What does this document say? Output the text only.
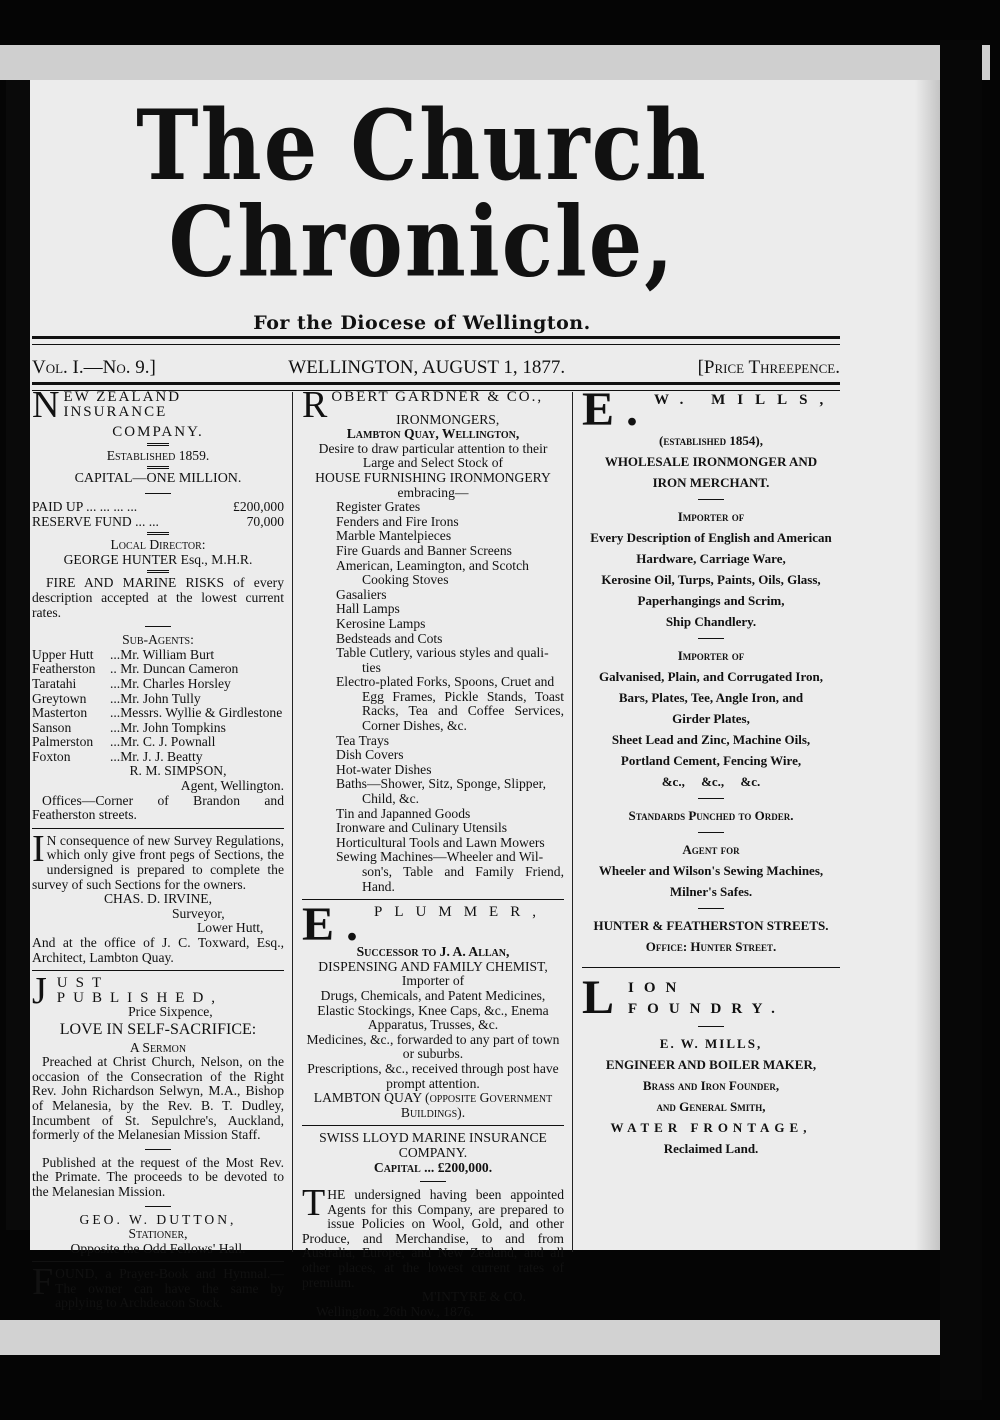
The Church Chronicle,
For the Diocese of Wellington.
Vol. I.—No. 9.]	WELLINGTON, AUGUST 1, 1877.	[Price Threepence.
NEW ZEALAND INSURANCE
COMPANY.
Established 1859.
CAPITAL—ONE MILLION.
PAID UP ... ... ... ...	£200,000
RESERVE FUND ... ...	70,000
Local Director:
GEORGE HUNTER Esq., M.H.R.
FIRE AND MARINE RISKS of every description accepted at the lowest current rates.
Sub-Agents:
Upper Hutt	...Mr. William Burt
Featherston	.. Mr. Duncan Cameron
Taratahi	...Mr. Charles Horsley
Greytown	...Mr. John Tully
Masterton	...Messrs. Wyllie & Girdlestone
Sanson	...Mr. John Tompkins
Palmerston	...Mr. C. J. Pownall
Foxton	...Mr. J. J. Beatty
R. M. SIMPSON,
Agent, Wellington.
Offices—Corner of Brandon and Featherston streets.
I N consequence of new Survey Regulations, which only give front pegs of Sections, the undersigned is prepared to complete the survey of such Sections for the owners.
CHAS. D. IRVINE,
Surveyor,
Lower Hutt,
And at the office of J. C. Toxward, Esq., Architect, Lambton Quay.
JUST PUBLISHED,
Price Sixpence,
LOVE IN SELF-SACRIFICE:
A Sermon
Preached at Christ Church, Nelson, on the occasion of the Consecration of the Right Rev. John Richardson Selwyn, M.A., Bishop of Melanesia, by the Rev. B. T. Dudley, Incumbent of St. Sepulchre's, Auckland, formerly of the Melanesian Mission Staff.
Published at the request of the Most Rev. the Primate. The proceeds to be devoted to the Melanesian Mission.
GEO. W. DUTTON,
Stationer,
Opposite the Odd Fellows' Hall.
FOUND, a Prayer-Book and Hymnal.—The owner can have the same by applying to Archdeacon Stock.
ROBERT GARDNER & CO.,
IRONMONGERS,
Lambton Quay, Wellington,
Desire to draw particular attention to their Large and Select Stock of
HOUSE FURNISHING IRONMONGERY
embracing—
Register Grates
Fenders and Fire Irons
Marble Mantelpieces
Fire Guards and Banner Screens
American, Leamington, and Scotch
Cooking Stoves
Gasaliers
Hall Lamps
Kerosine Lamps
Bedsteads and Cots
Table Cutlery, various styles and quali-
ties
Electro-plated Forks, Spoons, Cruet and
Egg Frames, Pickle Stands, Toast Racks, Tea and Coffee Services, Corner Dishes, &c.
Tea Trays
Dish Covers
Hot-water Dishes
Baths—Shower, Sitz, Sponge, Slipper,
Child, &c.
Tin and Japanned Goods
Ironware and Culinary Utensils
Horticultural Tools and Lawn Mowers
Sewing Machines—Wheeler and Wil-
son's, Table and Family Friend, Hand.
E. PLUMMER,
Successor to J. A. Allan,
DISPENSING AND FAMILY CHEMIST,
Importer of
Drugs, Chemicals, and Patent Medicines, Elastic Stockings, Knee Caps, &c., Enema Apparatus, Trusses, &c.
Medicines, &c., forwarded to any part of town or suburbs.
Prescriptions, &c., received through post have prompt attention.
LAMBTON QUAY (opposite Government Buildings).
SWISS LLOYD MARINE INSURANCE COMPANY.
Capital ... £200,000.
THE undersigned having been appointed Agents for this Company, are prepared to issue Policies on Wool, Gold, and other Produce, and Merchandise, to and from Australia, Europe, and New Zealand, and all other places, at the lowest current rates of premium.
M'INTYRE & CO.
Wellington, 26th Nov., 1876.
E. W. MILLS,
(established 1854),
WHOLESALE IRONMONGER AND
IRON MERCHANT.
Importer of
Every Description of English and American
Hardware, Carriage Ware,
Kerosine Oil, Turps, Paints, Oils, Glass,
Paperhangings and Scrim,
Ship Chandlery.
Importer of
Galvanised, Plain, and Corrugated Iron,
Bars, Plates, Tee, Angle Iron, and
Girder Plates,
Sheet Lead and Zinc, Machine Oils,
Portland Cement, Fencing Wire,
&c.,     &c.,     &c.
Standards Punched to Order.
Agent for
Wheeler and Wilson's Sewing Machines,
Milner's Safes.
HUNTER & FEATHERSTON STREETS.
Office: Hunter Street.
LION FOUNDRY.
E. W. MILLS,
ENGINEER AND BOILER MAKER,
Brass and Iron Founder,
and General Smith,
WATER FRONTAGE,
Reclaimed Land.
